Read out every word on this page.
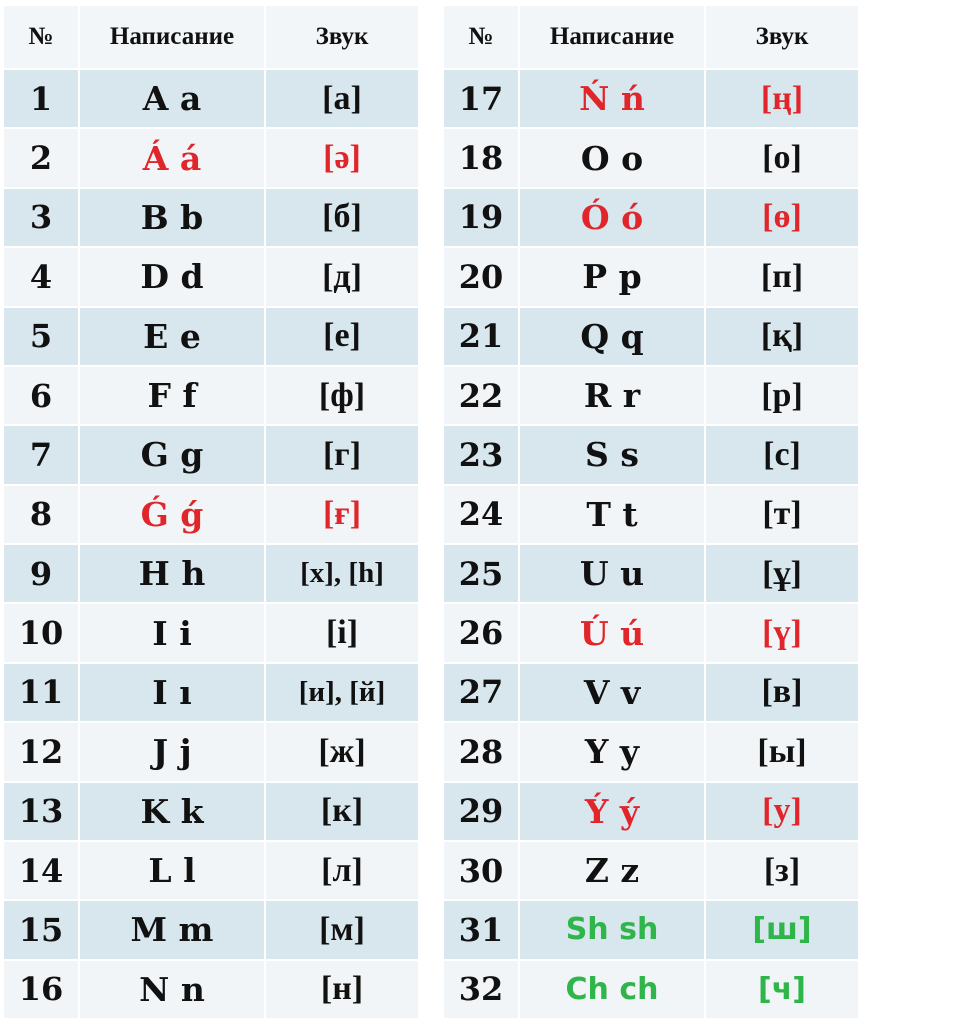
№	Написание	Звук
1	A a	[а]
2	Á á	[ә]
3	B b	[б]
4	D d	[д]
5	E e	[е]
6	F f	[ф]
7	G g	[г]
8	Ǵ ǵ	[ғ]
9	H h	[х], [h]
10	I i	[і]
11	I ı	[и], [й]
12	J j	[ж]
13	K k	[к]
14	L l	[л]
15	M m	[м]
16	N n	[н]
№	Написание	Звук
17	Ń ń	[ң]
18	O o	[о]
19	Ó ó	[ө]
20	P p	[п]
21	Q q	[қ]
22	R r	[р]
23	S s	[с]
24	T t	[т]
25	U u	[ұ]
26	Ú ú	[ү]
27	V v	[в]
28	Y y	[ы]
29	Ý ý	[у]
30	Z z	[з]
31	Sh sh	[ш]
32	Ch ch	[ч]
